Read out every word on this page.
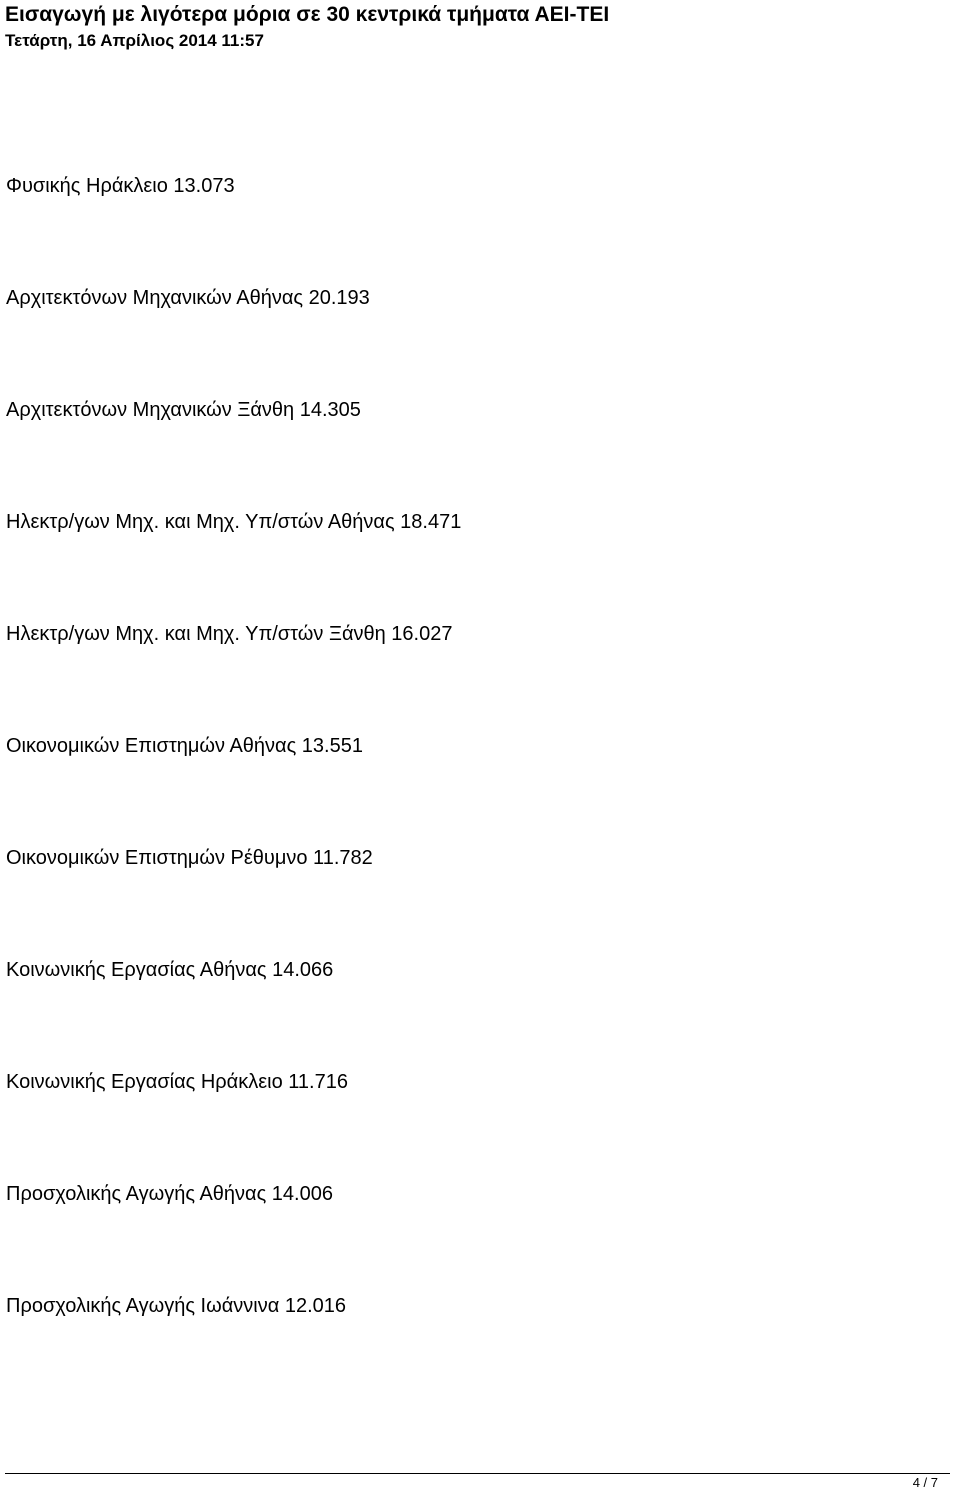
Εισαγωγή με λιγότερα μόρια σε 30 κεντρικά τμήματα ΑΕΙ-ΤΕΙ
Τετάρτη, 16 Απρίλιος 2014 11:57
Φυσικής Ηράκλειο 13.073
Αρχιτεκτόνων Μηχανικών Αθήνας 20.193
Αρχιτεκτόνων Μηχανικών Ξάνθη 14.305
Ηλεκτρ/γων Μηχ. και Μηχ. Υπ/στών Αθήνας 18.471
Ηλεκτρ/γων Μηχ. και Μηχ. Υπ/στών Ξάνθη 16.027
Οικονομικών Επιστημών Αθήνας 13.551
Οικονομικών Επιστημών Ρέθυμνο 11.782
Κοινωνικής Εργασίας Αθήνας 14.066
Κοινωνικής Εργασίας Ηράκλειο 11.716
Προσχολικής Αγωγής Αθήνας 14.006
Προσχολικής Αγωγής Ιωάννινα 12.016
4 / 7
